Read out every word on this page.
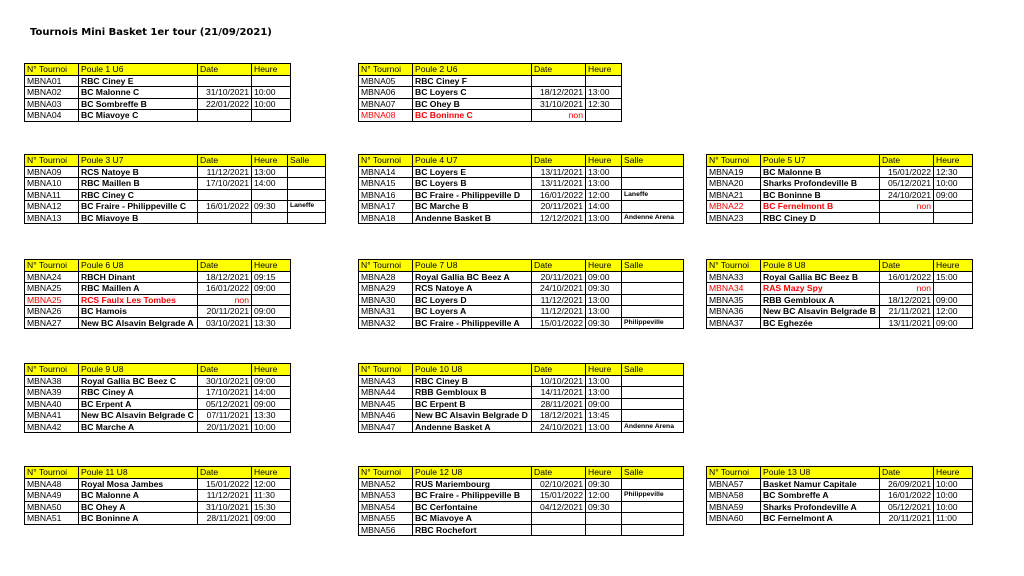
Tournois Mini Basket 1er tour (21/09/2021)
N° Tournoi	Poule 1 U6	Date	Heure
MBNA01	RBC Ciney E		
MBNA02	BC Malonne C	31/10/2021	10:00
MBNA03	BC Sombreffe B	22/01/2022	10:00
MBNA04	BC Miavoye C		
N° Tournoi	Poule 2 U6	Date	Heure
MBNA05	RBC Ciney F		
MBNA06	BC Loyers C	18/12/2021	13:00
MBNA07	BC Ohey B	31/10/2021	12:30
MBNA08	BC Boninne C	non	
N° Tournoi	Poule 3 U7	Date	Heure	Salle
MBNA09	RCS Natoye B	11/12/2021	13:00	
MBNA10	RBC Maillen B	17/10/2021	14:00	
MBNA11	RBC Ciney C			
MBNA12	BC Fraire - Philippeville C	16/01/2022	09:30	Laneffe
MBNA13	BC Miavoye B			
N° Tournoi	Poule 4 U7	Date	Heure	Salle
MBNA14	BC Loyers E	13/11/2021	13:00	
MBNA15	BC Loyers B	13/11/2021	13:00	
MBNA16	BC Fraire - Philippeville D	16/01/2022	12:00	Laneffe
MBNA17	BC Marche B	20/11/2021	14:00	
MBNA18	Andenne Basket B	12/12/2021	13:00	Andenne Arena
N° Tournoi	Poule 5 U7	Date	Heure
MBNA19	BC Malonne B	15/01/2022	12:30
MBNA20	Sharks Profondeville B	05/12/2021	10:00
MBNA21	BC Boninne B	24/10/2021	09:00
MBNA22	BC Fernelmont B	non	
MBNA23	RBC Ciney D		
N° Tournoi	Poule 6 U8	Date	Heure
MBNA24	RBCH Dinant	18/12/2021	09:15
MBNA25	RBC Maillen A	16/01/2022	09:00
MBNA25	RCS Faulx Les Tombes	non	
MBNA26	BC Hamois	20/11/2021	09:00
MBNA27	New BC Alsavin Belgrade A	03/10/2021	13:30
N° Tournoi	Poule 7 U8	Date	Heure	Salle
MBNA28	Royal Gallia BC Beez A	20/11/2021	09:00	
MBNA29	RCS Natoye A	24/10/2021	09:30	
MBNA30	BC Loyers D	11/12/2021	13:00	
MBNA31	BC Loyers A	11/12/2021	13:00	
MBNA32	BC Fraire - Philippeville A	15/01/2022	09:30	Philippeville
N° Tournoi	Poule 8 U8	Date	Heure
MBNA33	Royal Gallia BC Beez B	16/01/2022	15:00
MBNA34	RAS Mazy Spy	non	
MBNA35	RBB Gembloux A	18/12/2021	09:00
MBNA36	New BC Alsavin Belgrade B	21/11/2021	12:00
MBNA37	BC Eghezée	13/11/2021	09:00
N° Tournoi	Poule 9 U8	Date	Heure
MBNA38	Royal Gallia BC Beez C	30/10/2021	09:00
MBNA39	RBC Ciney A	17/10/2021	14:00
MBNA40	BC Erpent A	05/12/2021	09:00
MBNA41	New BC Alsavin Belgrade C	07/11/2021	13:30
MBNA42	BC Marche A	20/11/2021	10:00
N° Tournoi	Poule 10 U8	Date	Heure	Salle
MBNA43	RBC Ciney B	10/10/2021	13:00	
MBNA44	RBB Gembloux B	14/11/2021	13:00	
MBNA45	BC Erpent B	28/11/2021	09:00	
MBNA46	New BC Alsavin Belgrade D	18/12/2021	13:45	
MBNA47	Andenne Basket A	24/10/2021	13:00	Andenne Arena
N° Tournoi	Poule 11 U8	Date	Heure
MBNA48	Royal Mosa Jambes	15/01/2022	12:00
MBNA49	BC Malonne A	11/12/2021	11:30
MBNA50	BC Ohey A	31/10/2021	15:30
MBNA51	BC Boninne A	28/11/2021	09:00
N° Tournoi	Poule 12 U8	Date	Heure	Salle
MBNA52	RUS Mariembourg	02/10/2021	09:30	
MBNA53	BC Fraire - Philippeville B	15/01/2022	12:00	Philippeville
MBNA54	BC Cerfontaine	04/12/2021	09:30	
MBNA55	BC Miavoye A			
MBNA56	RBC Rochefort			
N° Tournoi	Poule 13 U8	Date	Heure
MBNA57	Basket Namur Capitale	26/09/2021	10:00
MBNA58	BC Sombreffe A	16/01/2022	10:00
MBNA59	Sharks Profondeville A	05/12/2021	10:00
MBNA60	BC Fernelmont A	20/11/2021	11:00
